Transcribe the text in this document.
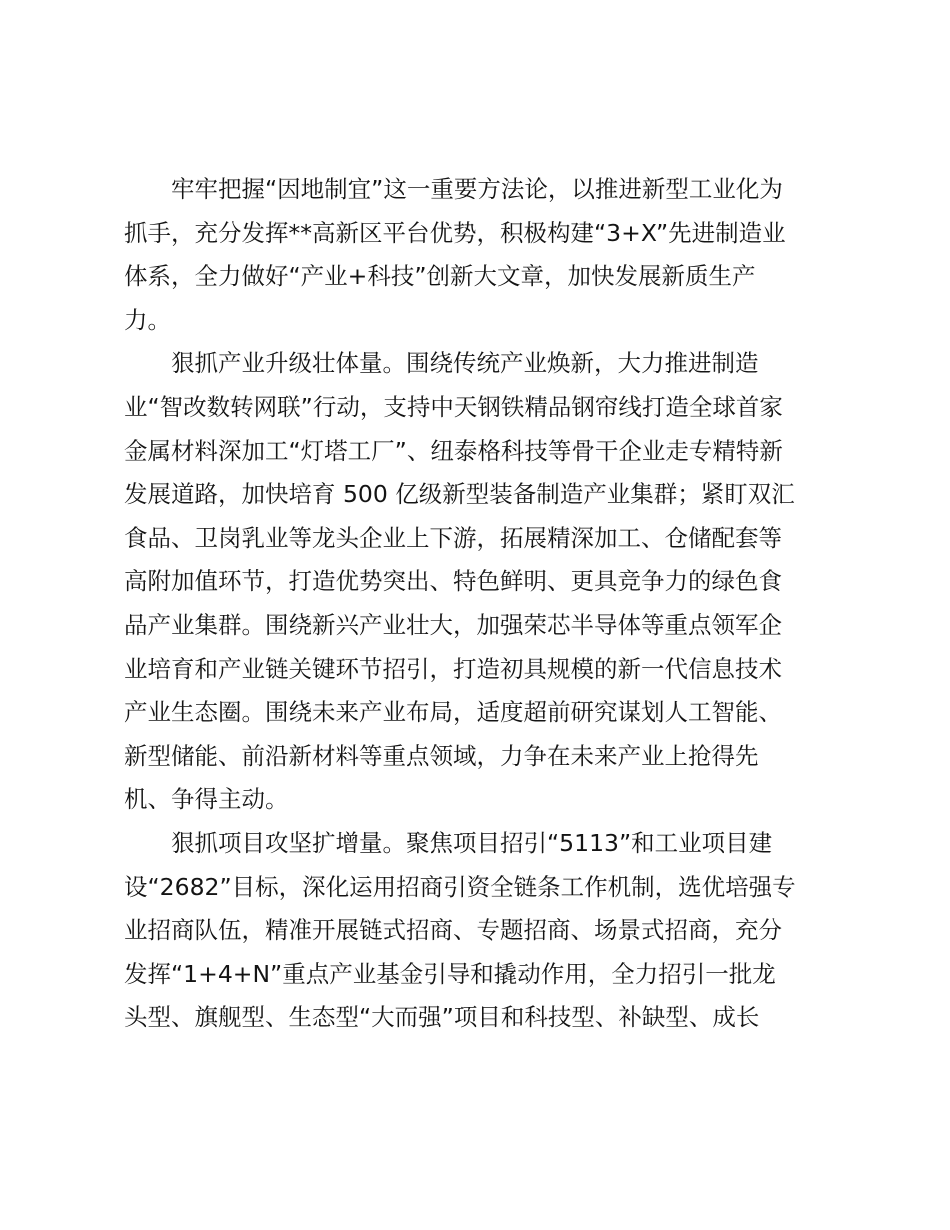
牢牢把握“因地制宜”这一重要方法论，以推进新型工业化为
抓手，充分发挥**高新区平台优势，积极构建“3+X”先进制造业
体系，全力做好“产业+科技”创新大文章，加快发展新质生产
力。
狠抓产业升级壮体量。围绕传统产业焕新，大力推进制造
业“智改数转网联”行动，支持中天钢铁精品钢帘线打造全球首家
金属材料深加工“灯塔工厂”、纽泰格科技等骨干企业走专精特新
发展道路，加快培育 500 亿级新型装备制造产业集群；紧盯双汇
食品、卫岗乳业等龙头企业上下游，拓展精深加工、仓储配套等
高附加值环节，打造优势突出、特色鲜明、更具竞争力的绿色食
品产业集群。围绕新兴产业壮大，加强荣芯半导体等重点领军企
业培育和产业链关键环节招引，打造初具规模的新一代信息技术
产业生态圈。围绕未来产业布局，适度超前研究谋划人工智能、
新型储能、前沿新材料等重点领域，力争在未来产业上抢得先
机、争得主动。
狠抓项目攻坚扩增量。聚焦项目招引“5113”和工业项目建
设“2682”目标，深化运用招商引资全链条工作机制，选优培强专
业招商队伍，精准开展链式招商、专题招商、场景式招商，充分
发挥“1+4+N”重点产业基金引导和撬动作用，全力招引一批龙
头型、旗舰型、生态型“大而强”项目和科技型、补缺型、成长
